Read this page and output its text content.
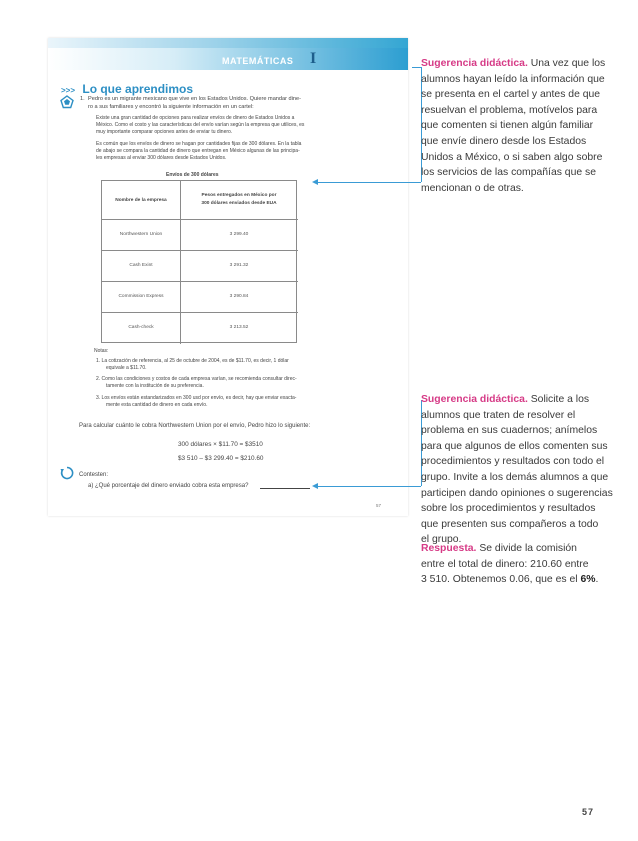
MATEMÁTICAS I
>>> Lo que aprendimos
1. Pedro es un migrante mexicano que vive en los Estados Unidos. Quiere mandar dine-
ro a sus familiares y encontró la siguiente información en un cartel:
Existe una gran cantidad de opciones para realizar envíos de dinero de Estados Unidos a
México. Como el costo y las características del envío varían según la empresa que utilices, es
muy importante comparar opciones antes de enviar tu dinero.
Es común que los envíos de dinero se hagan por cantidades fijas de 300 dólares. En la tabla
de abajo se compara la cantidad de dinero que entregan en México algunas de las principa-
les empresas al enviar 300 dólares desde Estados Unidos.
Envíos de 300 dólares
Nombre de la empresa
Pesos entregados en México por
300 dólares enviados desde EUA
Northwestern Union	3 299.40
Cash Exint	3 291.32
Commission Express	3 290.84
Cash-check	3 213.52
Notas:
1. La cotización de referencia, al 25 de octubre de 2004, es de $11.70, es decir, 1 dólar
equivale a $11.70.
2. Como las condiciones y costos de cada empresa varían, se recomienda consultar direc-
tamente con la institución de su preferencia.
3. Los envíos están estandarizados en 300 usd por envío, es decir, hay que enviar exacta-
mente esta cantidad de dinero en cada envío.
Para calcular cuánto le cobra Northwestern Union por el envío, Pedro hizo lo siguiente:
300 dólares × $11.70 = $3510
$3 510 – $3 299.40 = $210.60
Contesten:
a) ¿Qué porcentaje del dinero enviado cobra esta empresa?
57
Sugerencia didáctica. Una vez que los
alumnos hayan leído la información que
se presenta en el cartel y antes de que
resuelvan el problema, motívelos para
que comenten si tienen algún familiar
que envíe dinero desde los Estados
Unidos a México, o si saben algo sobre
los servicios de las compañías que se
mencionan o de otras.
Sugerencia didáctica. Solicite a los
alumnos que traten de resolver el
problema en sus cuadernos; anímelos
para que algunos de ellos comenten sus
procedimientos y resultados con todo el
grupo. Invite a los demás alumnos a que
participen dando opiniones o sugerencias
sobre los procedimientos y resultados
que presenten sus compañeros a todo
el grupo.
Respuesta. Se divide la comisión
entre el total de dinero: 210.60 entre
3 510. Obtenemos 0.06, que es el 6%.
57
